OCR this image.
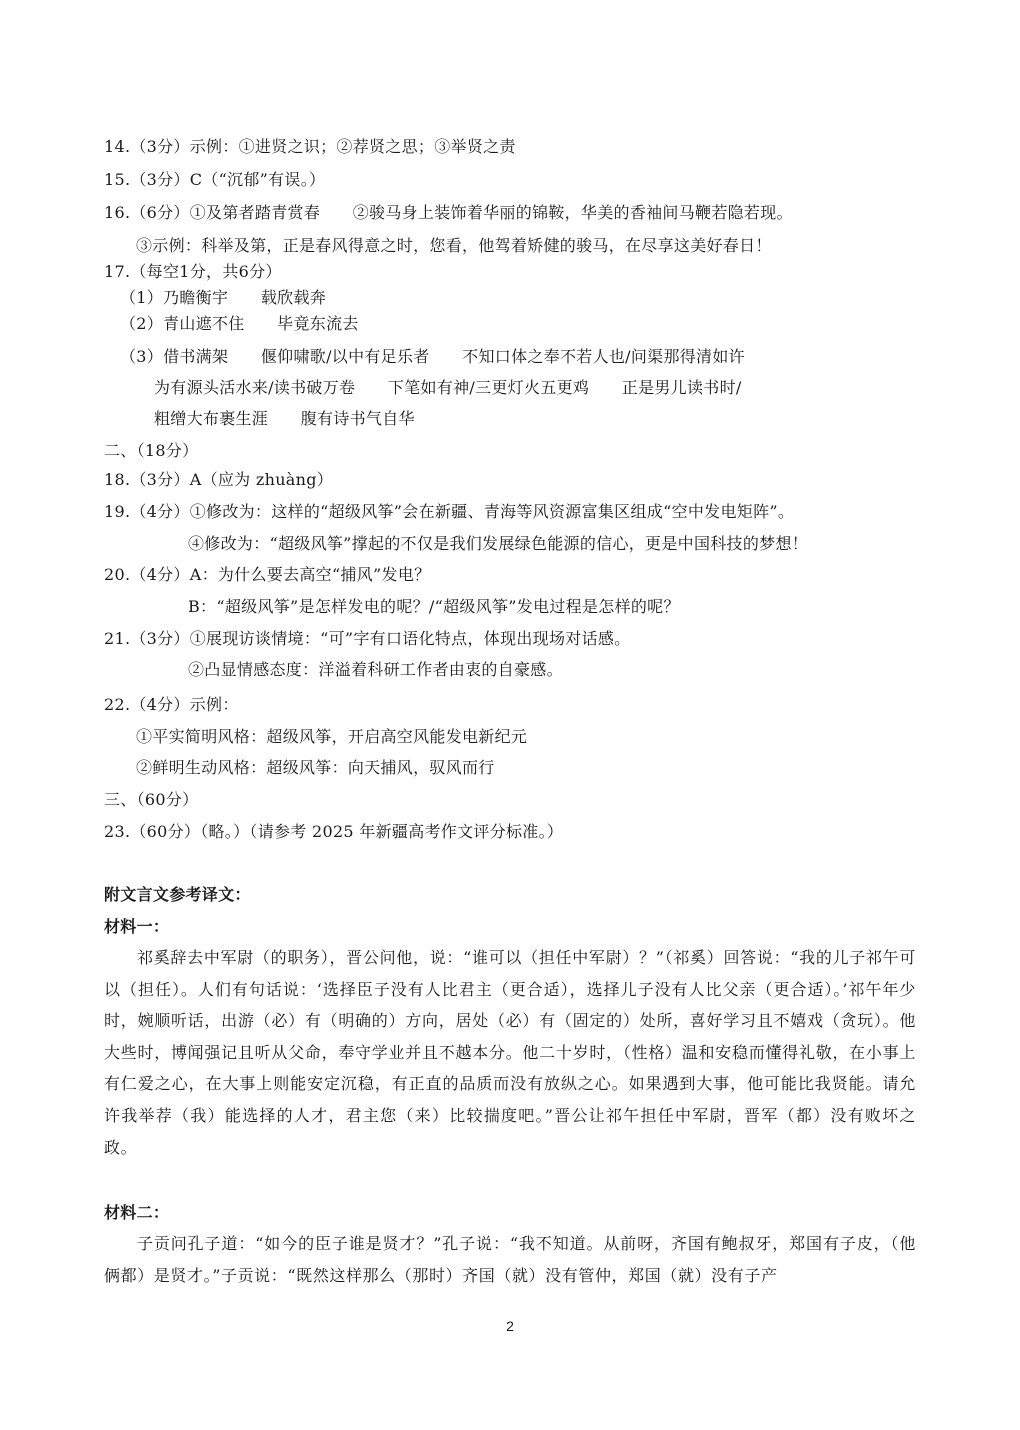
14.（3分）示例：①进贤之识；②荐贤之思；③举贤之责
15.（3分）C（“沉郁”有误。）
16.（6分）①及第者踏青赏春　　②骏马身上装饰着华丽的锦鞍，华美的香袖间马鞭若隐若现。
③示例：科举及第，正是春风得意之时，您看，他驾着矫健的骏马，在尽享这美好春日！
17.（每空1分，共6分）
（1）乃瞻衡宇　　载欣载奔
（2）青山遮不住　　毕竟东流去
（3）借书满架　　偃仰啸歌/以中有足乐者　　不知口体之奉不若人也/问渠那得清如许
为有源头活水来/读书破万卷　　下笔如有神/三更灯火五更鸡　　正是男儿读书时/
粗缯大布裹生涯　　腹有诗书气自华
二、（18分）
18.（3分）A（应为 zhuàng）
19.（4分）①修改为：这样的“超级风筝”会在新疆、青海等风资源富集区组成“空中发电矩阵”。
④修改为：“超级风筝”撑起的不仅是我们发展绿色能源的信心，更是中国科技的梦想！
20.（4分）A：为什么要去高空“捕风”发电？
B：“超级风筝”是怎样发电的呢？/“超级风筝”发电过程是怎样的呢？
21.（3分）①展现访谈情境：“可”字有口语化特点，体现出现场对话感。
②凸显情感态度：洋溢着科研工作者由衷的自豪感。
22.（4分）示例：
①平实简明风格：超级风筝，开启高空风能发电新纪元
②鲜明生动风格：超级风筝：向天捕风，驭风而行
三、（60分）
23.（60分）（略。）（请参考 2025 年新疆高考作文评分标准。）
附文言文参考译文：
材料一：

祁奚辞去中军尉（的职务），晋公问他，说：“谁可以（担任中军尉）？”（祁奚）回答说：“我的儿子祁午可以（担任）。人们有句话说：‘选择臣子没有人比君主（更合适），选择儿子没有人比父亲（更合适）。’祁午年少时，婉顺听话，出游（必）有（明确的）方向，居处（必）有（固定的）处所，喜好学习且不嬉戏（贪玩）。他大些时，博闻强记且听从父命，奉守学业并且不越本分。他二十岁时，（性格）温和安稳而懂得礼敬，在小事上有仁爱之心，在大事上则能安定沉稳，有正直的品质而没有放纵之心。如果遇到大事，他可能比我贤能。请允许我举荐（我）能选择的人才，君主您（来）比较揣度吧。”晋公让祁午担任中军尉，晋军（都）没有败坏之政。

材料二：

子贡问孔子道：“如今的臣子谁是贤才？”孔子说：“我不知道。从前呀，齐国有鲍叔牙，郑国有子皮，（他俩都）是贤才。”子贡说：“既然这样那么（那时）齐国（就）没有管仲，郑国（就）没有子产

2
